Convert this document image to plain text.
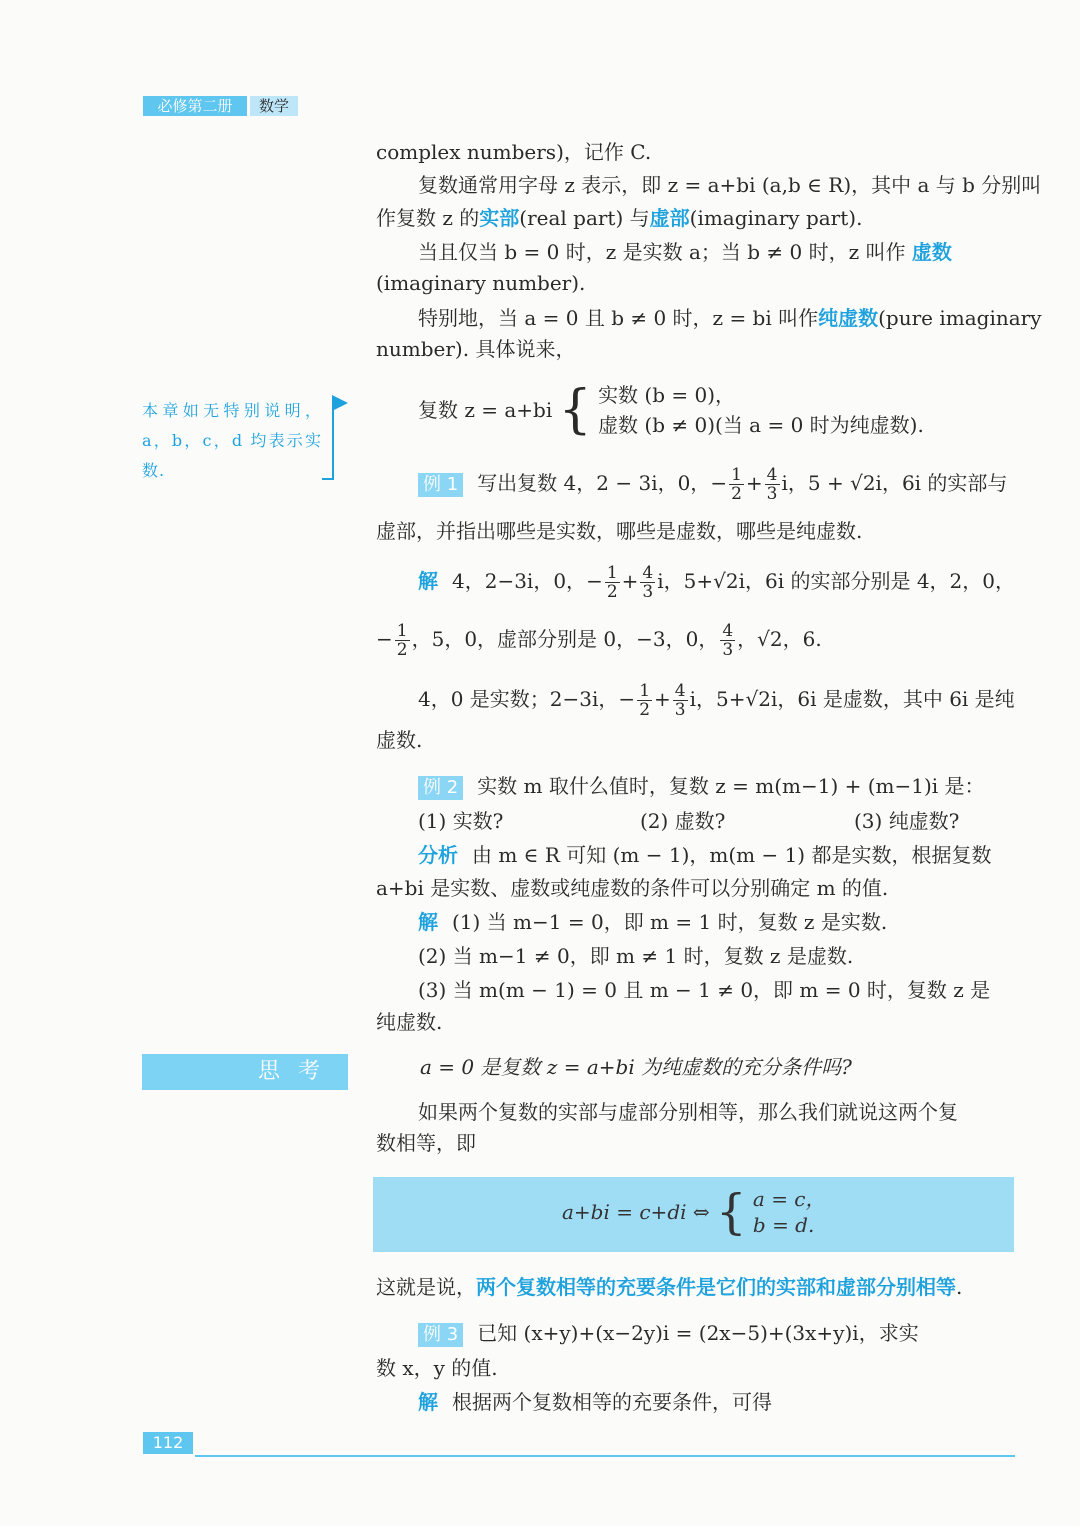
必修第二册	数学
complex numbers)，记作 C.
复数通常用字母 z 表示，即 z = a+bi (a,b ∈ R)，其中 a 与 b 分别叫
作复数 z 的实部(real part) 与虚部(imaginary part).
当且仅当 b = 0 时，z 是实数 a；当 b ≠ 0 时，z 叫作 虚数
(imaginary number).
特别地，当 a = 0 且 b ≠ 0 时，z = bi 叫作纯虚数(pure imaginary
number). 具体说来，
复数 z = a+bi { 实数 (b = 0)，
虚数 (b ≠ 0)(当 a = 0 时为纯虚数).
本章如无特别说明，a，b，c，d 均表示实数.
例 1 写出复数 4，2 − 3i，0，− $\frac{1}{2} + \frac{4}{3}$ i，5 + √2i，6i 的实部与
虚部，并指出哪些是实数，哪些是虚数，哪些是纯虚数.
解 4，2−3i，0，− $\frac{1}{2} + \frac{4}{3}$ i，5+√2i，6i 的实部分别是 4，2，0，
− $\frac{1}{2}$ ，5，0，虚部分别是 0，−3，0， $\frac{4}{3}$ ，√2，6.
4，0 是实数；2−3i，− $\frac{1}{2} + \frac{4}{3}$ i，5+√2i，6i 是虚数，其中 6i 是纯
虚数.
例 2 实数 m 取什么值时，复数 z = m(m−1) + (m−1)i 是：
(1) 实数?	(2) 虚数?	(3) 纯虚数?
分析 由 m ∈ R 可知 (m − 1)，m(m − 1) 都是实数，根据复数
a+bi 是实数、虚数或纯虚数的条件可以分别确定 m 的值.
解 (1) 当 m−1 = 0，即 m = 1 时，复数 z 是实数.
(2) 当 m−1 ≠ 0，即 m ≠ 1 时，复数 z 是虚数.
(3) 当 m(m − 1) = 0 且 m − 1 ≠ 0，即 m = 0 时，复数 z 是
纯虚数.
思考	a = 0 是复数 z = a+bi 为纯虚数的充分条件吗?
如果两个复数的实部与虚部分别相等，那么我们就说这两个复
数相等，即
a+bi = c+di ⇔ { a = c，
b = d.
这就是说，两个复数相等的充要条件是它们的实部和虚部分别相等.
例 3 已知 (x+y)+(x−2y)i = (2x−5)+(3x+y)i，求实
数 x，y 的值.
解 根据两个复数相等的充要条件，可得
112
